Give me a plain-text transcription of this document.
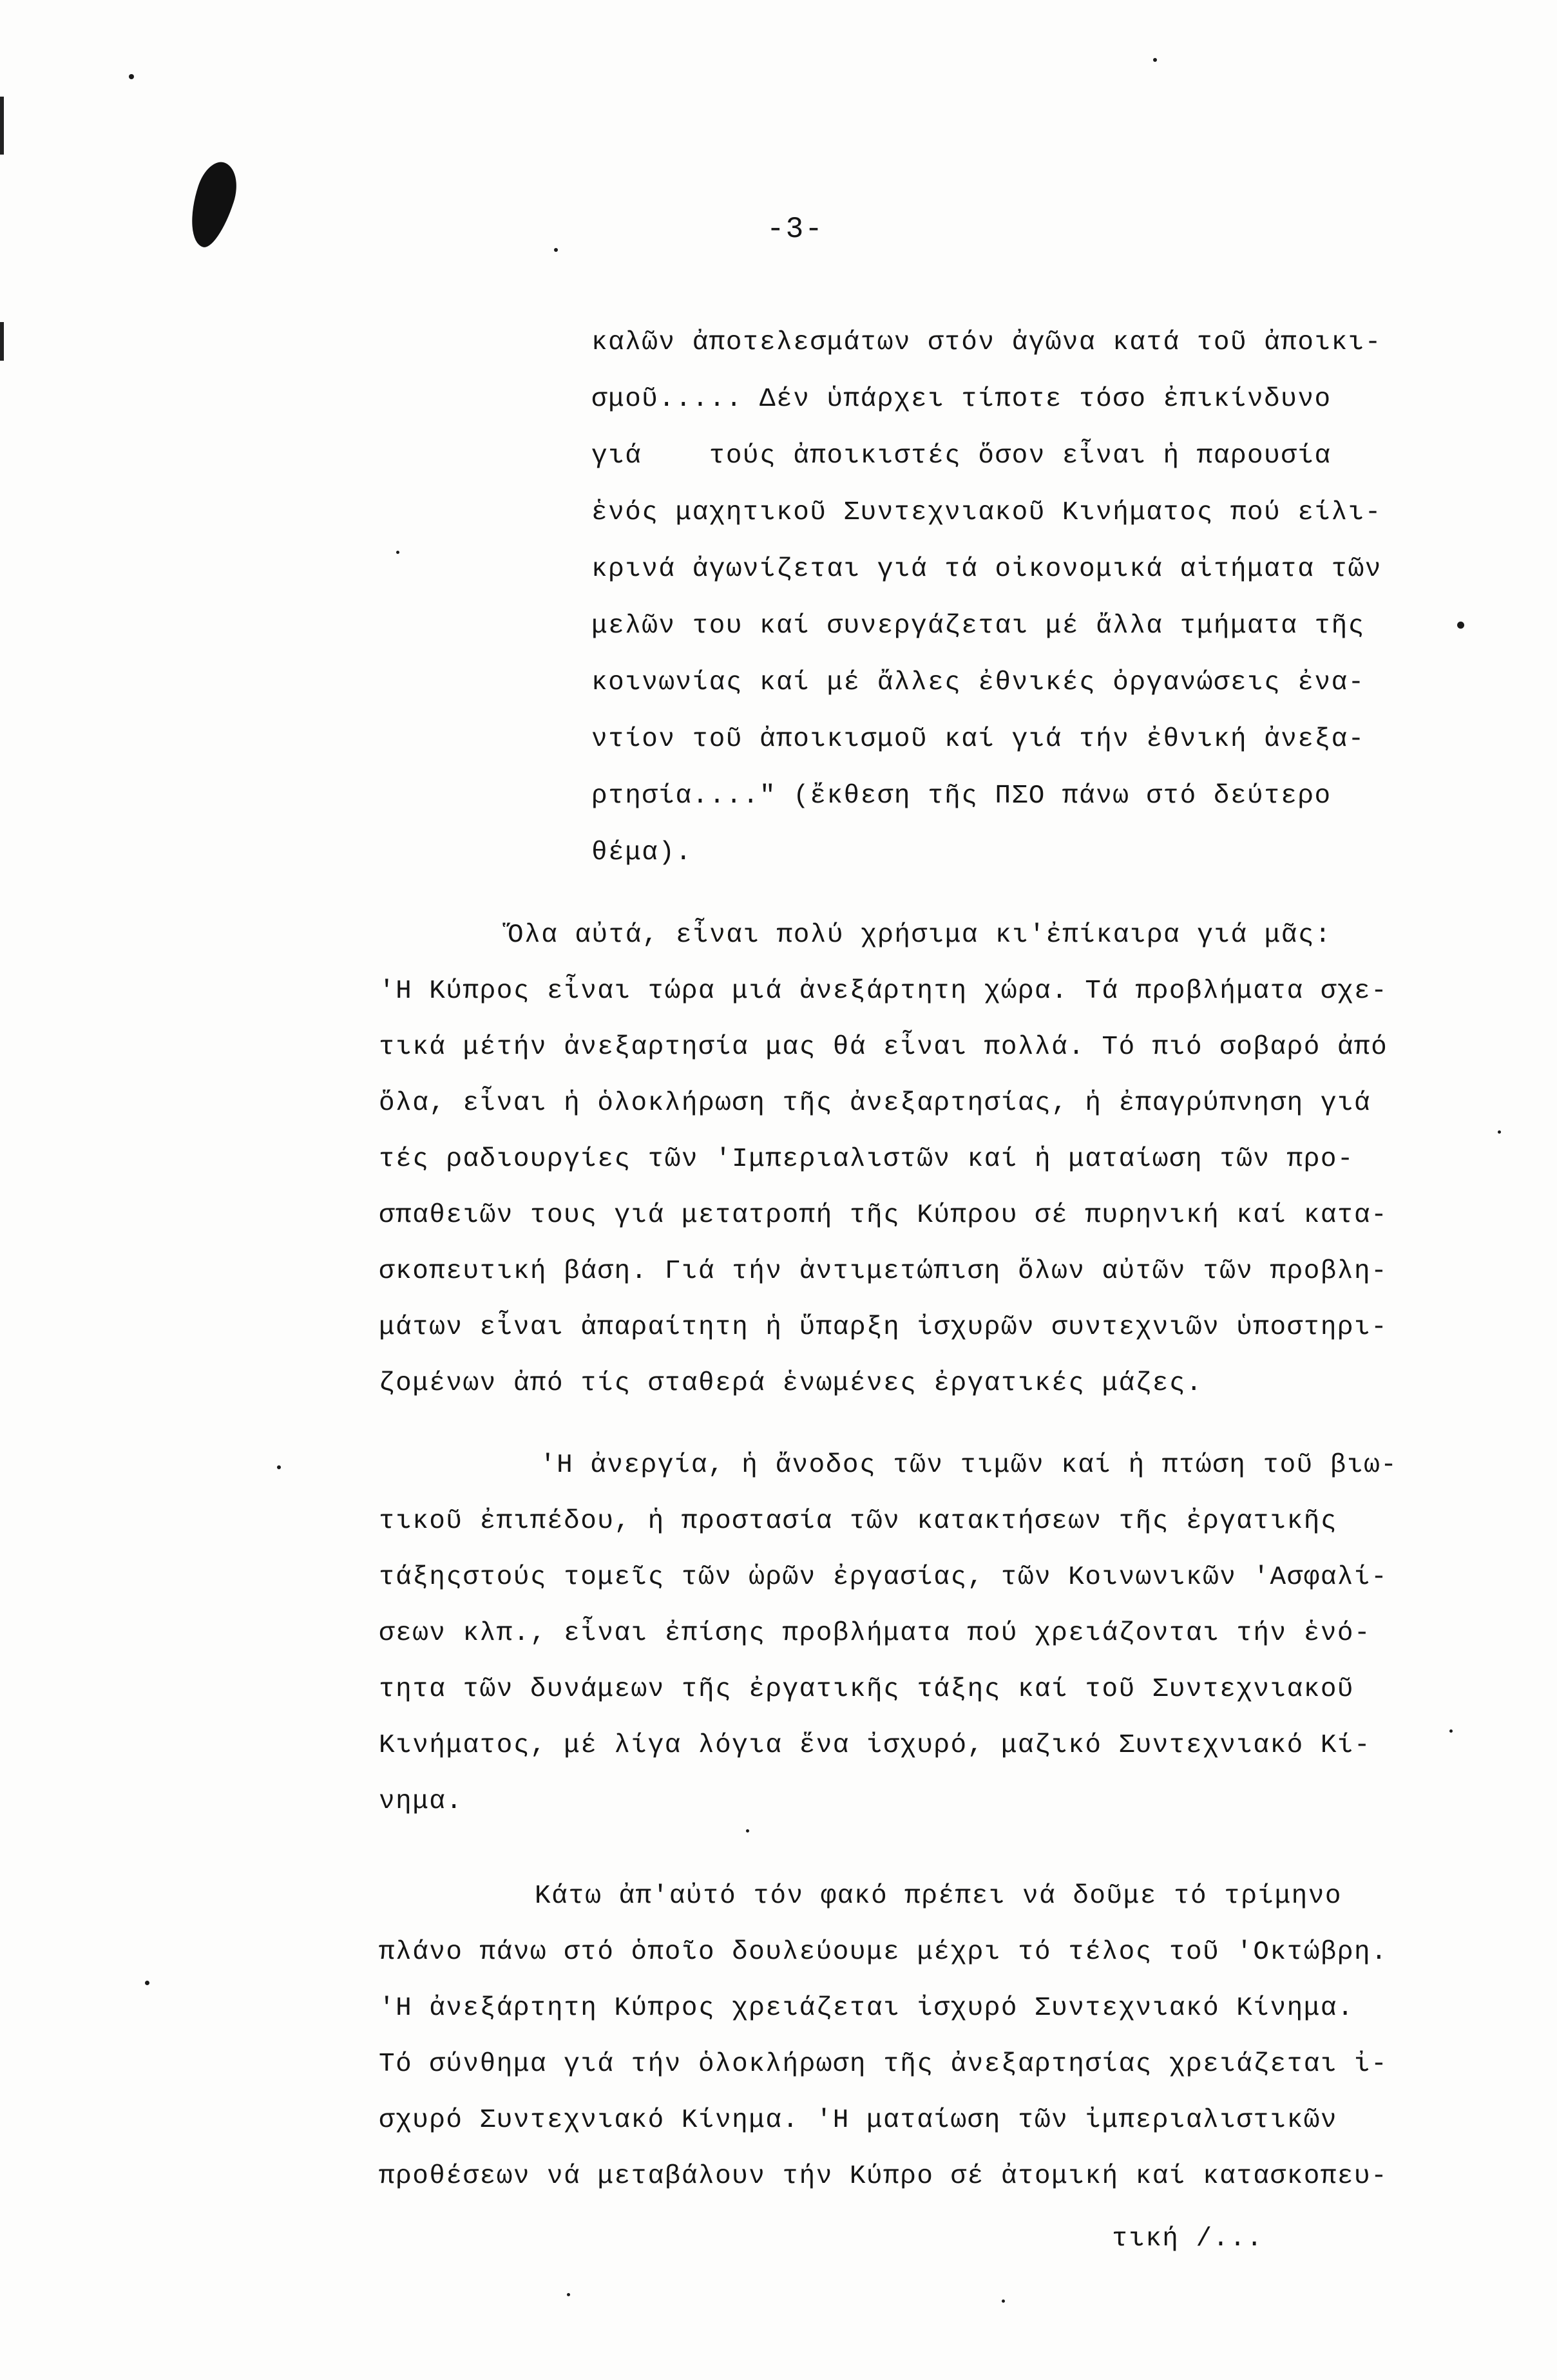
-3-
καλῶν ἀποτελεσμάτων στόν ἀγῶνα κατά τοῦ ἀποικι-
σμοῦ..... Δέν ὑπάρχει τίποτε τόσο ἐπικίνδυνο
γιά    τούς ἀποικιστές ὅσον εἶναι ἡ παρουσία
ἑνός μαχητικοῦ Συντεχνιακοῦ Κινήματος πού είλι-
κρινά ἀγωνίζεται γιά τά οἰκονομικά αἰτήματα τῶν
μελῶν του καί συνεργάζεται μέ ἄλλα τμήματα τῆς
κοινωνίας καί μέ ἄλλες ἐθνικές ὀργανώσεις ἐνα-
ντίον τοῦ ἀποικισμοῦ καί γιά τήν ἐθνική ἀνεξα-
ρτησία...." (ἔκθεση τῆς ΠΣΟ πάνω στό δεύτερο
θέμα).
Ὅλα αὐτά, εἶναι πολύ χρήσιμα κι'ἐπίκαιρα γιά μᾶς:
'Η Κύπρος εἶναι τώρα μιά ἀνεξάρτητη χώρα. Τά προβλήματα σχε-
τικά μέτήν ἀνεξαρτησία μας θά εἶναι πολλά. Τό πιό σοβαρό ἀπό
ὅλα, εἶναι ἡ ὁλοκλήρωση τῆς ἀνεξαρτησίας, ἡ ἐπαγρύπνηση γιά
τές ραδιουργίες τῶν 'Ιμπεριαλιστῶν καί ἡ ματαίωση τῶν προ-
σπαθειῶν τους γιά μετατροπή τῆς Κύπρου σέ πυρηνική καί κατα-
σκοπευτική βάση. Γιά τήν ἀντιμετώπιση ὅλων αὐτῶν τῶν προβλη-
μάτων εἶναι ἀπαραίτητη ἡ ὕπαρξη ἰσχυρῶν συντεχνιῶν ὑποστηρι-
ζομένων ἀπό τίς σταθερά ἑνωμένες ἐργατικές μάζες.
'Η ἀνεργία, ἡ ἄνοδος τῶν τιμῶν καί ἡ πτώση τοῦ βιω-
τικοῦ ἐπιπέδου, ἡ προστασία τῶν κατακτήσεων τῆς ἐργατικῆς
τάξηςστούς τομεῖς τῶν ὡρῶν ἐργασίας, τῶν Κοινωνικῶν 'Ασφαλί-
σεων κλπ., εἶναι ἐπίσης προβλήματα πού χρειάζονται τήν ἑνό-
τητα τῶν δυνάμεων τῆς ἐργατικῆς τάξης καί τοῦ Συντεχνιακοῦ
Κινήματος, μέ λίγα λόγια ἕνα ἰσχυρό, μαζικό Συντεχνιακό Κί-
νημα.
Κάτω ἀπ'αὐτό τόν φακό πρέπει νά δοῦμε τό τρίμηνο
πλάνο πάνω στό ὁποῖο δουλεύουμε μέχρι τό τέλος τοῦ 'Οκτώβρη.
'Η ἀνεξάρτητη Κύπρος χρειάζεται ἰσχυρό Συντεχνιακό Κίνημα.
Τό σύνθημα γιά τήν ὁλοκλήρωση τῆς ἀνεξαρτησίας χρειάζεται ἰ-
σχυρό Συντεχνιακό Κίνημα. 'Η ματαίωση τῶν ἰμπεριαλιστικῶν
προθέσεων νά μεταβάλουν τήν Κύπρο σέ ἀτομική καί κατασκοπευ-
τική /...
